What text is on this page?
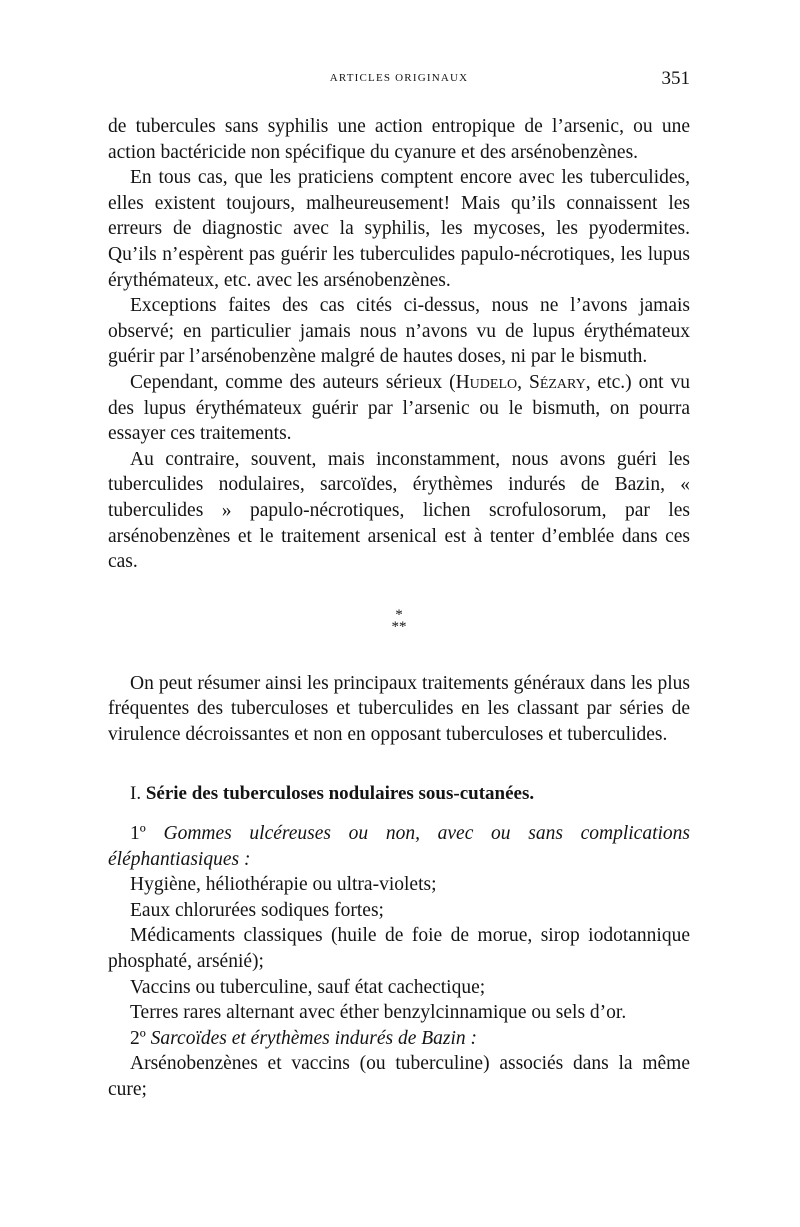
ARTICLES ORIGINAUX	351

de tubercules sans syphilis une action entropique de l’arsenic, ou une action bactéricide non spécifique du cyanure et des arsénobenzènes.

En tous cas, que les praticiens comptent encore avec les tuberculides, elles existent toujours, malheureusement! Mais qu’ils connaissent les erreurs de diagnostic avec la syphilis, les mycoses, les pyodermites. Qu’ils n’espèrent pas guérir les tuberculides papulo-nécrotiques, les lupus érythémateux, etc. avec les arsénobenzènes.

Exceptions faites des cas cités ci-dessus, nous ne l’avons jamais observé; en particulier jamais nous n’avons vu de lupus érythémateux guérir par l’arsénobenzène malgré de hautes doses, ni par le bismuth.

Cependant, comme des auteurs sérieux (Hudelo, Sézary, etc.) ont vu des lupus érythémateux guérir par l’arsenic ou le bismuth, on pourra essayer ces traitements.

Au contraire, souvent, mais inconstamment, nous avons guéri les tuberculides nodulaires, sarcoïdes, érythèmes indurés de Bazin, « tuberculides » papulo-nécrotiques, lichen scrofulosorum, par les arsénobenzènes et le traitement arsenical est à tenter d’emblée dans ces cas.

*
**

On peut résumer ainsi les principaux traitements généraux dans les plus fréquentes des tuberculoses et tuberculides en les classant par séries de virulence décroissantes et non en opposant tuberculoses et tuberculides.

I. Série des tuberculoses nodulaires sous-cutanées.

1º Gommes ulcéreuses ou non, avec ou sans complications éléphantiasiques :

Hygiène, héliothérapie ou ultra-violets;

Eaux chlorurées sodiques fortes;

Médicaments classiques (huile de foie de morue, sirop iodotannique phosphaté, arsénié);

Vaccins ou tuberculine, sauf état cachectique;

Terres rares alternant avec éther benzylcinnamique ou sels d’or.

2º Sarcoïdes et érythèmes indurés de Bazin :

Arsénobenzènes et vaccins (ou tuberculine) associés dans la même cure;
